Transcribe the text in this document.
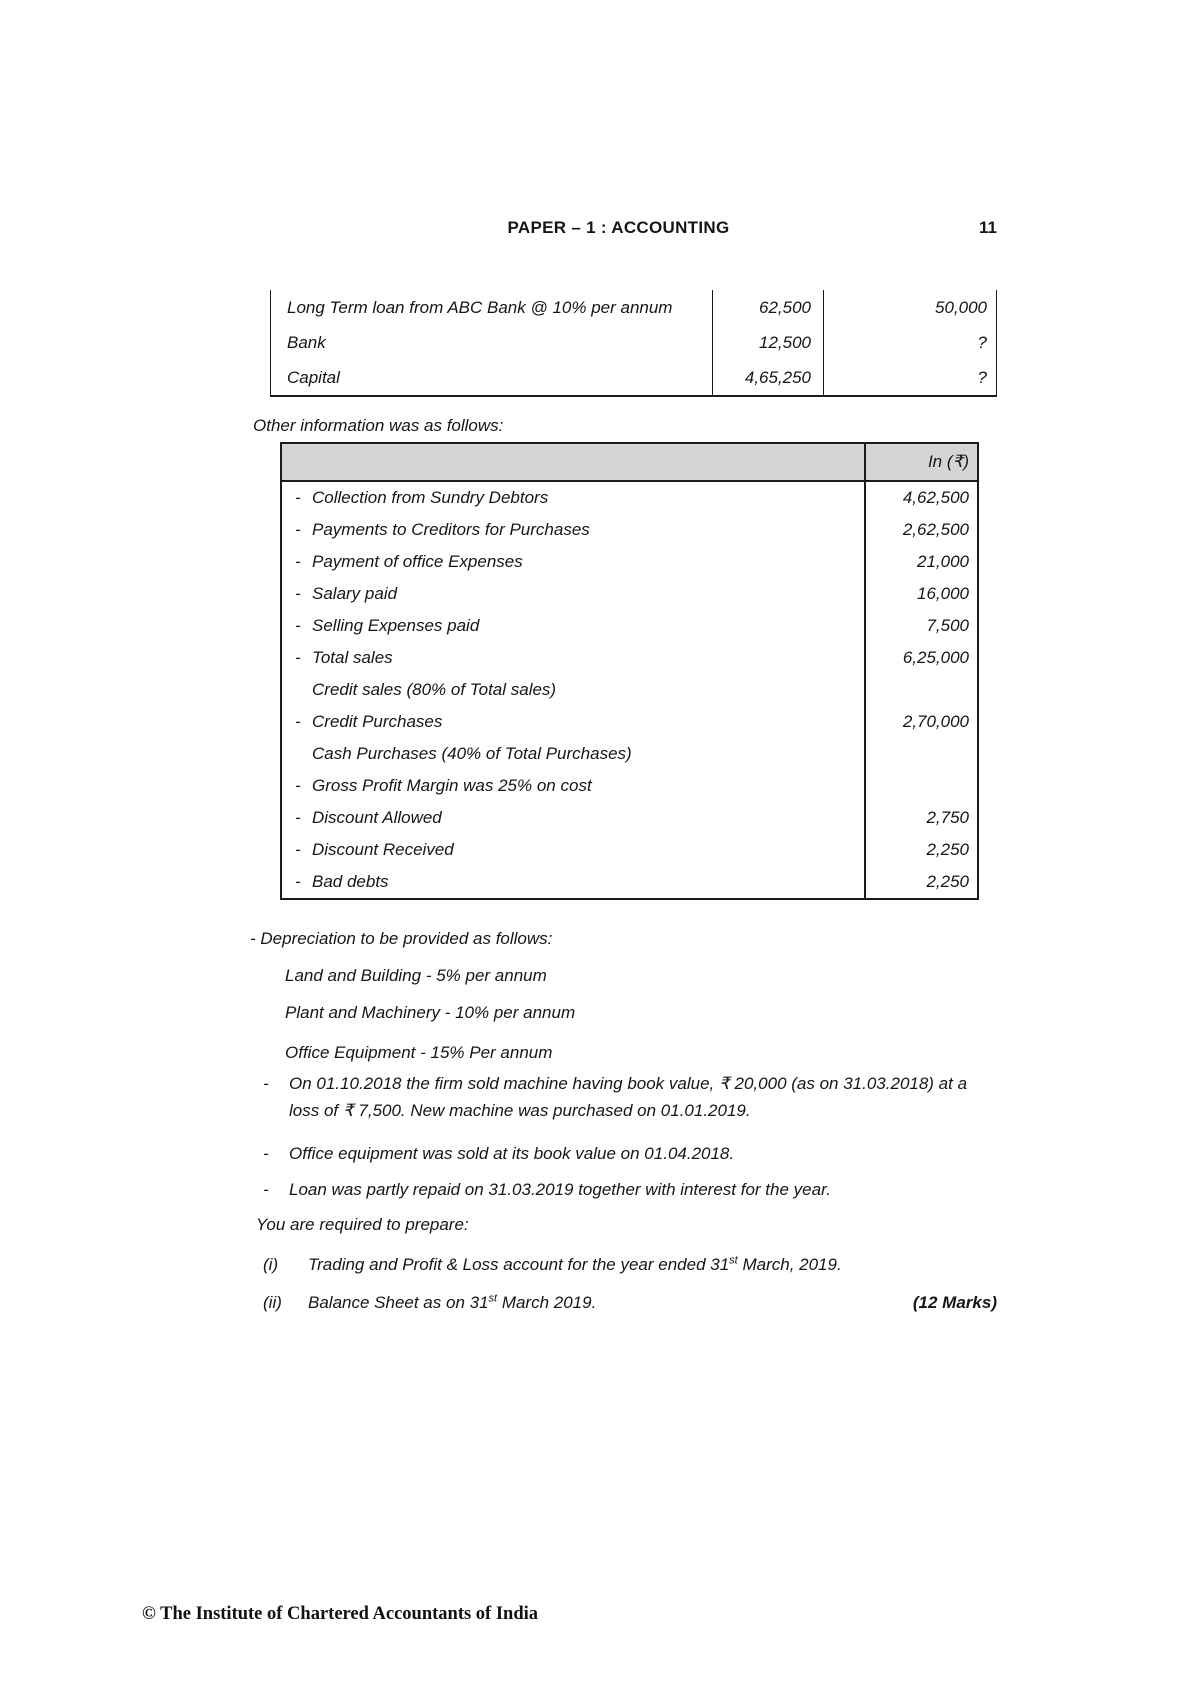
PAPER – 1 : ACCOUNTING	11
Long Term loan from ABC Bank @ 10% per annum	62,500	50,000
Bank	12,500	?
Capital	4,65,250	?
Other information was as follows:
In (₹)
- Collection from Sundry Debtors	4,62,500
- Payments to Creditors for Purchases	2,62,500
- Payment of office Expenses	21,000
- Salary paid	16,000
- Selling Expenses paid	7,500
- Total sales	6,25,000
Credit sales (80% of Total sales)
- Credit Purchases	2,70,000
Cash Purchases (40% of Total Purchases)
- Gross Profit Margin was 25% on cost
- Discount Allowed	2,750
- Discount Received	2,250
- Bad debts	2,250
- Depreciation to be provided as follows:
Land and Building - 5% per annum
Plant and Machinery - 10% per annum
Office Equipment - 15% Per annum
-	On 01.10.2018 the firm sold machine having book value, ₹ 20,000 (as on 31.03.2018) at a loss of ₹ 7,500. New machine was purchased on 01.01.2019.
-	Office equipment was sold at its book value on 01.04.2018.
-	Loan was partly repaid on 31.03.2019 together with interest for the year.
You are required to prepare:
(i)	Trading and Profit & Loss account for the year ended 31st March, 2019.
(ii)	Balance Sheet as on 31st March 2019.	(12 Marks)
© The Institute of Chartered Accountants of India
